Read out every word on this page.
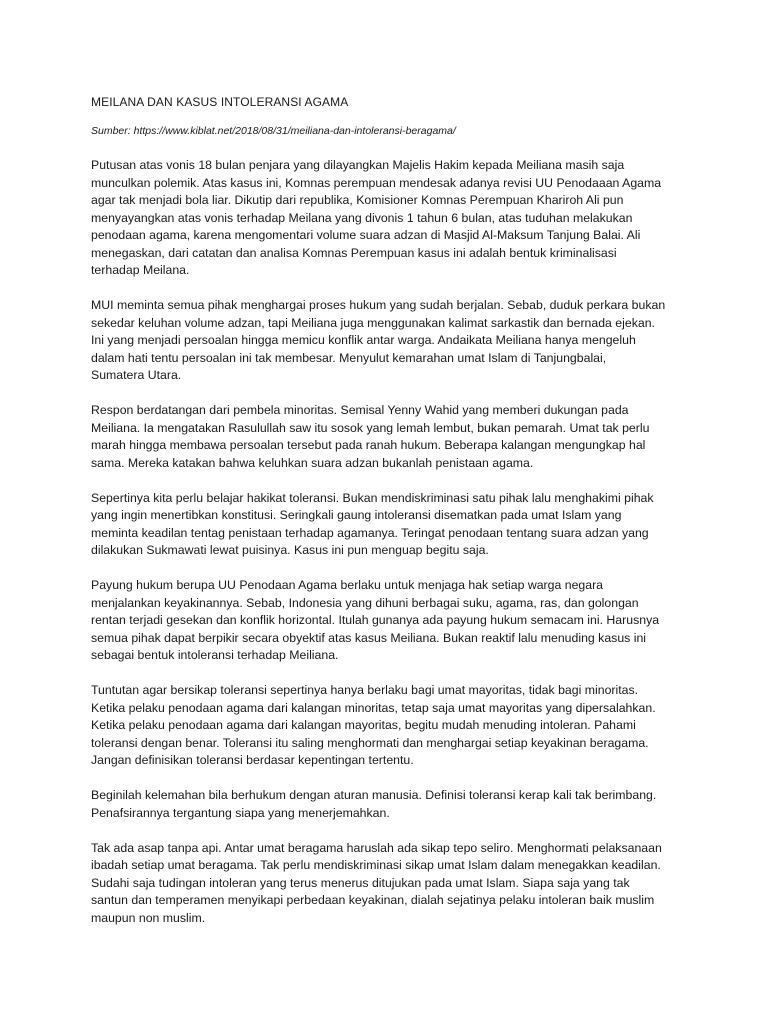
MEILANA DAN KASUS INTOLERANSI AGAMA
Sumber: https://www.kiblat.net/2018/08/31/meiliana-dan-intoleransi-beragama/
Putusan atas vonis 18 bulan penjara yang dilayangkan Majelis Hakim kepada Meiliana masih saja
munculkan polemik. Atas kasus ini, Komnas perempuan mendesak adanya revisi UU Penodaaan Agama
agar tak menjadi bola liar. Dikutip dari republika, Komisioner Komnas Perempuan Khariroh Ali pun
menyayangkan atas vonis terhadap Meilana yang divonis 1 tahun 6 bulan, atas tuduhan melakukan
penodaan agama, karena mengomentari volume suara adzan di Masjid Al-Maksum Tanjung Balai. Ali
menegaskan, dari catatan dan analisa Komnas Perempuan kasus ini adalah bentuk kriminalisasi
terhadap Meilana.
MUI meminta semua pihak menghargai proses hukum yang sudah berjalan. Sebab, duduk perkara bukan
sekedar keluhan volume adzan, tapi Meiliana juga menggunakan kalimat sarkastik dan bernada ejekan.
Ini yang menjadi persoalan hingga memicu konflik antar warga. Andaikata Meiliana hanya mengeluh
dalam hati tentu persoalan ini tak membesar. Menyulut kemarahan umat Islam di Tanjungbalai,
Sumatera Utara.
Respon berdatangan dari pembela minoritas. Semisal Yenny Wahid yang memberi dukungan pada
Meiliana. Ia mengatakan Rasulullah saw itu sosok yang lemah lembut, bukan pemarah. Umat tak perlu
marah hingga membawa persoalan tersebut pada ranah hukum. Beberapa kalangan mengungkap hal
sama. Mereka katakan bahwa keluhkan suara adzan bukanlah penistaan agama.
Sepertinya kita perlu belajar hakikat toleransi. Bukan mendiskriminasi satu pihak lalu menghakimi pihak
yang ingin menertibkan konstitusi. Seringkali gaung intoleransi disematkan pada umat Islam yang
meminta keadilan tentag penistaan terhadap agamanya. Teringat penodaan tentang suara adzan yang
dilakukan Sukmawati lewat puisinya. Kasus ini pun menguap begitu saja.
Payung hukum berupa UU Penodaan Agama berlaku untuk menjaga hak setiap warga negara
menjalankan keyakinannya. Sebab, Indonesia yang dihuni berbagai suku, agama, ras, dan golongan
rentan terjadi gesekan dan konflik horizontal. Itulah gunanya ada payung hukum semacam ini. Harusnya
semua pihak dapat berpikir secara obyektif atas kasus Meiliana. Bukan reaktif lalu menuding kasus ini
sebagai bentuk intoleransi terhadap Meiliana.
Tuntutan agar bersikap toleransi sepertinya hanya berlaku bagi umat mayoritas, tidak bagi minoritas.
Ketika pelaku penodaan agama dari kalangan minoritas, tetap saja umat mayoritas yang dipersalahkan.
Ketika pelaku penodaan agama dari kalangan mayoritas, begitu mudah menuding intoleran. Pahami
toleransi dengan benar. Toleransi itu saling menghormati dan menghargai setiap keyakinan beragama.
Jangan definisikan toleransi berdasar kepentingan tertentu.
Beginilah kelemahan bila berhukum dengan aturan manusia. Definisi toleransi kerap kali tak berimbang.
Penafsirannya tergantung siapa yang menerjemahkan.
Tak ada asap tanpa api. Antar umat beragama haruslah ada sikap tepo seliro. Menghormati pelaksanaan
ibadah setiap umat beragama. Tak perlu mendiskriminasi sikap umat Islam dalam menegakkan keadilan.
Sudahi saja tudingan intoleran yang terus menerus ditujukan pada umat Islam. Siapa saja yang tak
santun dan temperamen menyikapi perbedaan keyakinan, dialah sejatinya pelaku intoleran baik muslim
maupun non muslim.
